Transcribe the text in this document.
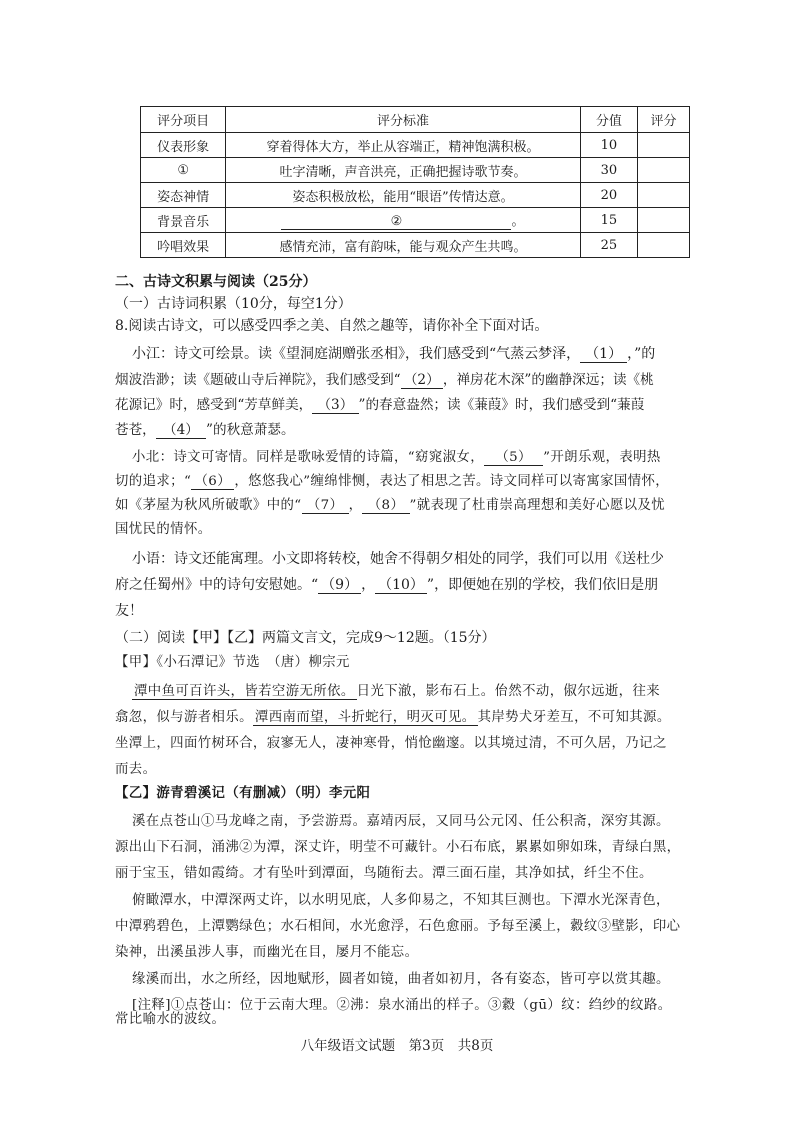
评分项目	评分标准	分值	评分
仪表形象	穿着得体大方，举止从容端正，精神饱满积极。	10	
①	吐字清晰，声音洪亮，正确把握诗歌节奏。	30	
姿态神情	姿态积极放松，能用“眼语”传情达意。	20	
背景音乐	② 。	15	
吟唱效果	感情充沛，富有韵味，能与观众产生共鸣。	25	
二、古诗文积累与阅读（25分）
（一）古诗词积累（10分，每空1分）
8.阅读古诗文，可以感受四季之美、自然之趣等，请你补全下面对话。
小江：诗文可绘景。读《望洞庭湖赠张丞相》，我们感受到“气蒸云梦泽， （1） ，”的
烟波浩渺；读《题破山寺后禅院》，我们感受到“ （2） ，禅房花木深”的幽静深远；读《桃
花源记》时，感受到“芳草鲜美， （3） ”的春意盎然；读《蒹葭》时，我们感受到“蒹葭
苍苍， （4） ”的秋意萧瑟。
小北：诗文可寄情。同样是歌咏爱情的诗篇，“窈窕淑女， （5） ”开朗乐观，表明热
切的追求；“ （6） ，悠悠我心”缠绵悱恻，表达了相思之苦。诗文同样可以寄寓家国情怀，
如《茅屋为秋风所破歌》中的“ （7） ， （8） ”就表现了杜甫崇高理想和美好心愿以及忧
国忧民的情怀。
小语：诗文还能寓理。小文即将转校，她舍不得朝夕相处的同学，我们可以用《送杜少
府之任蜀州》中的诗句安慰她。“ （9） ， （10） ”，即便她在别的学校，我们依旧是朋
友！
（二）阅读【甲】【乙】两篇文言文，完成9～12题。（15分）
【甲】《小石潭记》节选　（唐）柳宗元
潭中鱼可百许头，皆若空游无所依。 日光下澈，影布石上。佁然不动，俶尔远逝，往来
翕忽，似与游者相乐。 潭西南而望，斗折蛇行，明灭可见。 其岸势犬牙差互，不可知其源。
坐潭上，四面竹树环合，寂寥无人，凄神寒骨，悄怆幽邃。以其境过清，不可久居，乃记之
而去。
【乙】游青碧溪记（有删减）（明）李元阳
溪在点苍山①马龙峰之南，予尝游焉。嘉靖丙辰，又同马公元冈、任公积斋，深穷其源。
源出山下石洞，涌沸②为潭，深丈许，明莹不可藏针。小石布底，累累如卵如珠，青绿白黑，
丽于宝玉，错如霞绮。才有坠叶到潭面，鸟随衔去。潭三面石崖，其净如拭，纤尘不住。
俯瞰潭水，中潭深两丈许，以水明见底，人多仰易之，不知其巨测也。下潭水光深青色，
中潭鸦碧色，上潭鹦绿色；水石相间，水光愈浮，石色愈丽。予每至溪上，縠纹③壁影，印心
染神，出溪虽涉人事，而幽光在目，屡月不能忘。
缘溪而出，水之所经，因地赋形，圆者如镜，曲者如初月，各有姿态，皆可亭以赏其趣。
[注释]①点苍山：位于云南大理。②沸：泉水涌出的样子。③縠（gū）纹：绉纱的纹路。
八年级语文试题　第3页　共8页
常比喻水的波纹。
